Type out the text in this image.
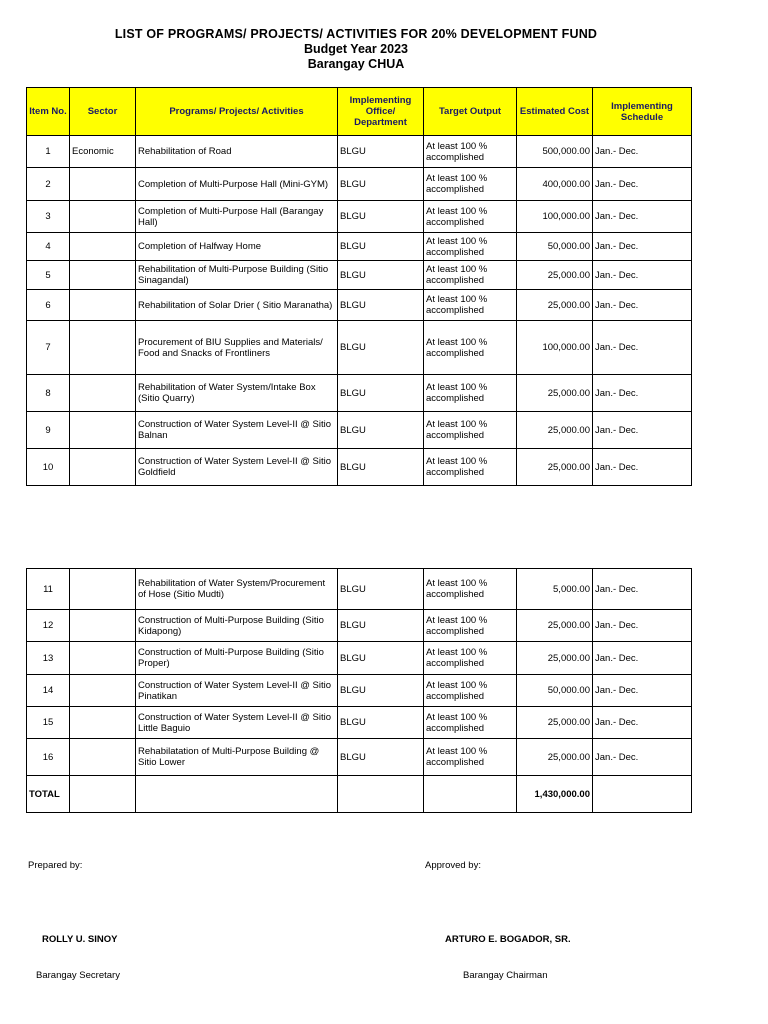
LIST OF PROGRAMS/ PROJECTS/ ACTIVITIES FOR 20% DEVELOPMENT FUND
Budget Year 2023
Barangay CHUA
Item No.	Sector	Programs/ Projects/ Activities	Implementing Office/ Department	Target Output	Estimated Cost	Implementing Schedule
1	Economic	Rehabilitation of Road	BLGU	At least 100 % accomplished	500,000.00	Jan.- Dec.
2		Completion of Multi-Purpose Hall (Mini-GYM)	BLGU	At least 100 % accomplished	400,000.00	Jan.- Dec.
3		Completion of Multi-Purpose Hall (Barangay Hall)	BLGU	At least 100 % accomplished	100,000.00	Jan.- Dec.
4		Completion of Halfway Home	BLGU	At least 100 % accomplished	50,000.00	Jan.- Dec.
5		Rehabilitation of Multi-Purpose Building (Sitio Sinagandal)	BLGU	At least 100 % accomplished	25,000.00	Jan.- Dec.
6		Rehabilitation of Solar Drier ( Sitio Maranatha)	BLGU	At least 100 % accomplished	25,000.00	Jan.- Dec.
7		Procurement of BIU Supplies and Materials/ Food and Snacks of Frontliners	BLGU	At least 100 % accomplished	100,000.00	Jan.- Dec.
8		Rehabilitation of Water System/Intake Box (Sitio Quarry)	BLGU	At least 100 % accomplished	25,000.00	Jan.- Dec.
9		Construction of Water System Level-II @ Sitio Balnan	BLGU	At least 100 % accomplished	25,000.00	Jan.- Dec.
10		Construction of Water System Level-II @ Sitio Goldfield	BLGU	At least 100 % accomplished	25,000.00	Jan.- Dec.
11		Rehabilitation of Water System/Procurement of Hose (Sitio Mudti)	BLGU	At least 100 % accomplished	5,000.00	Jan.- Dec.
12		Construction of Multi-Purpose Building (Sitio Kidapong)	BLGU	At least 100 % accomplished	25,000.00	Jan.- Dec.
13		Construction of Multi-Purpose Building (Sitio Proper)	BLGU	At least 100 % accomplished	25,000.00	Jan.- Dec.
14		Construction of Water System Level-II @ Sitio Pinatikan	BLGU	At least 100 % accomplished	50,000.00	Jan.- Dec.
15		Construction of Water System Level-II @ Sitio Little Baguio	BLGU	At least 100 % accomplished	25,000.00	Jan.- Dec.
16		Rehabilatation of Multi-Purpose Building @ Sitio Lower	BLGU	At least 100 % accomplished	25,000.00	Jan.- Dec.
TOTAL					1,430,000.00	
Prepared by:	Approved by:
ROLLY U. SINOY	ARTURO E. BOGADOR, SR.
Barangay Secretary	Barangay Chairman
